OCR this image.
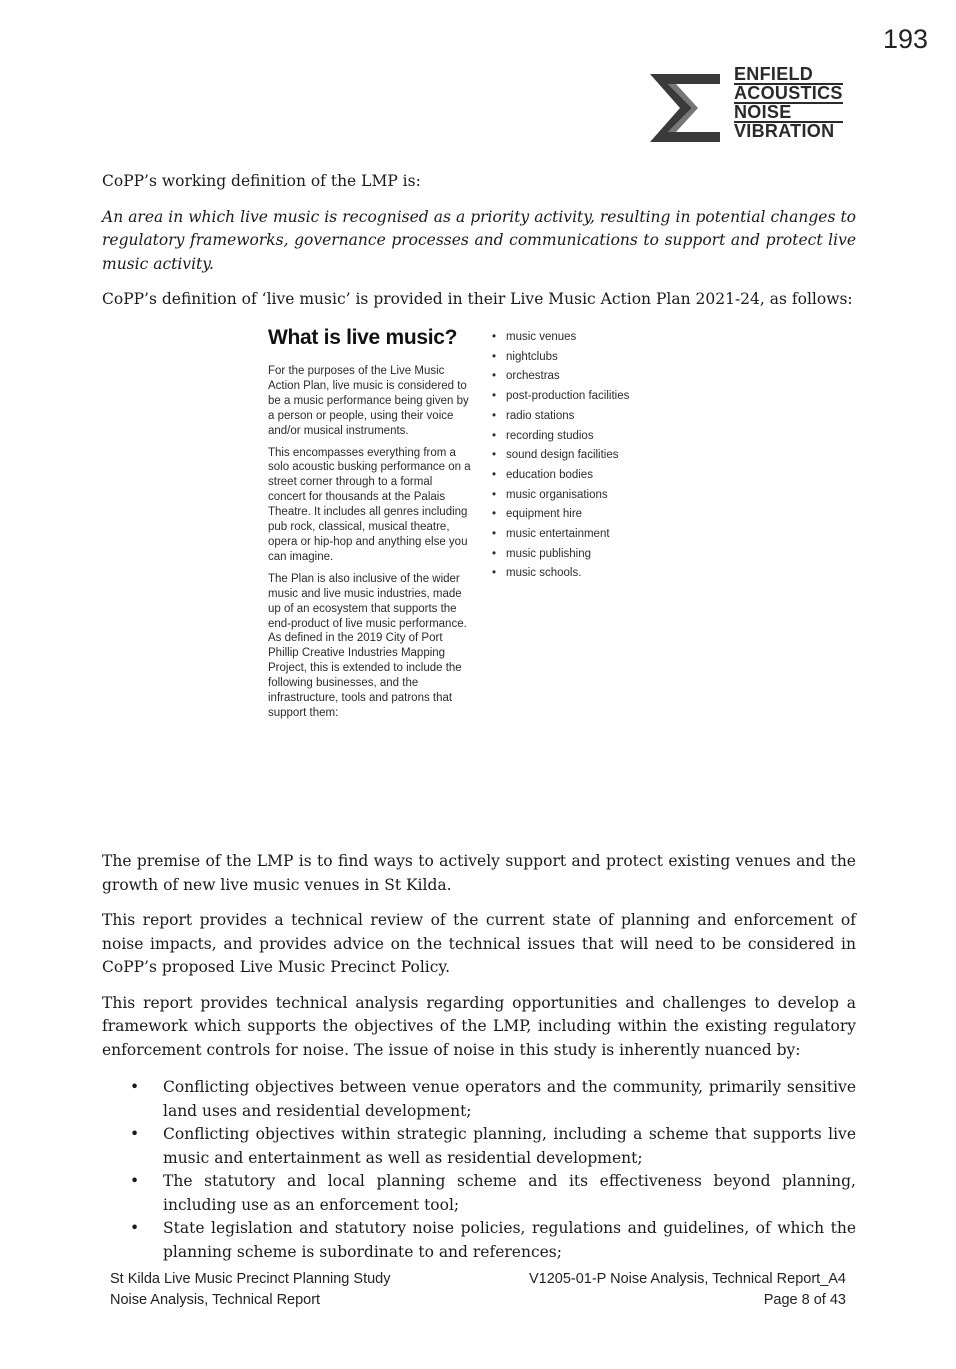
193
ENFIELD
ACOUSTICS
NOISE
VIBRATION

CoPP’s working definition of the LMP is:

An area in which live music is recognised as a priority activity, resulting in potential changes to regulatory frameworks, governance processes and communications to support and protect live music activity.

CoPP’s definition of ‘live music’ is provided in their Live Music Action Plan 2021-24, as follows:

What is live music?

For the purposes of the Live Music Action Plan, live music is considered to be a music performance being given by a person or people, using their voice and/or musical instruments.

This encompasses everything from a solo acoustic busking performance on a street corner through to a formal concert for thousands at the Palais Theatre. It includes all genres including pub rock, classical, musical theatre, opera or hip-hop and anything else you can imagine.

The Plan is also inclusive of the wider music and live music industries, made up of an ecosystem that supports the end-product of live music performance. As defined in the 2019 City of Port Phillip Creative Industries Mapping Project, this is extended to include the following businesses, and the infrastructure, tools and patrons that support them:

• music venues
• nightclubs
• orchestras
• post-production facilities
• radio stations
• recording studios
• sound design facilities
• education bodies
• music organisations
• equipment hire
• music entertainment
• music publishing
• music schools.

The premise of the LMP is to find ways to actively support and protect existing venues and the growth of new live music venues in St Kilda.

This report provides a technical review of the current state of planning and enforcement of noise impacts, and provides advice on the technical issues that will need to be considered in CoPP’s proposed Live Music Precinct Policy.

This report provides technical analysis regarding opportunities and challenges to develop a framework which supports the objectives of the LMP, including within the existing regulatory enforcement controls for noise. The issue of noise in this study is inherently nuanced by:

• Conflicting objectives between venue operators and the community, primarily sensitive land uses and residential development;
• Conflicting objectives within strategic planning, including a scheme that supports live music and entertainment as well as residential development;
• The statutory and local planning scheme and its effectiveness beyond planning, including use as an enforcement tool;
• State legislation and statutory noise policies, regulations and guidelines, of which the planning scheme is subordinate to and references;
St Kilda Live Music Precinct Planning Study
Noise Analysis, Technical Report
V1205-01-P Noise Analysis, Technical Report_A4
Page 8 of 43
